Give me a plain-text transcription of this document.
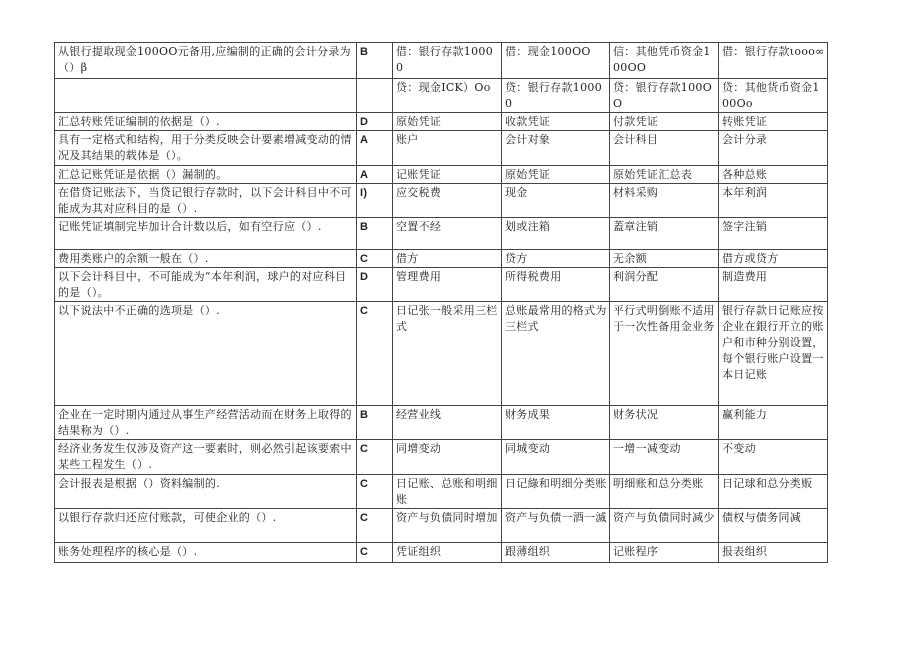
从银行提取现金100OO元备用,应编制的正确的会计分录为（）β	B	借：银行存款10000	借：现金100OO	信：其他凭币资金100OO	借：银行存款ιooo∞
		贷：现金ICK）Oo	贷：银行存款10000	贷：银行存款100OO	贷：其他货币资金100Oo
汇总转账凭证编制的依据是（）.	D	原始凭证	收款凭证	付款凭证	转账凭证
具有一定格式和结构，用于分类反映会计要素增减变动的情况及其结果的载体是（）。	A	账户	会计对象	会计科目	会计分录
汇总记账凭证是依据（）漏制的。	A	记账凭证	原始凭证	原始凭证汇总表	各种总账
在借贷记账法下，当贷记银行存款时，以下会计科目中不可能成为其对应科目的是（）.	I)	应交税费	现金	材料采购	本年利润
记账凭证填制完毕加计合计数以后，如有空行应（）.	B	空置不经	划或注箱	蓋章注销	签字注销
费用类账户的余额一般在（）.	C	借方	贷方	无余额	借方或贷方
以下会计科目中，不可能成为“本年利润，球户的对应科目的是（）。	D	管理费用	所得税费用	利润分配	制造费用
以下说法中不正确的选项是（）.	C	日记张一般采用三栏式	总账最常用的格式为三栏式	平行式明倒账不适用于一次性备用金业务	银行存款日记账应按企业在銀行开立的账户和市种分别设置，每个银行账户设置一本日记账
企业在一定时期内通过从事生产经营活动而在财务上取得的结果称为（）.	B	经营业线	财务成果	财务状况	赢利能力
经济业务发生仅涉及资产这一要素时，则必然引起该要索中某些工程发生（）.	C	同增变动	同城变动	一增一减变动	不变动
会计报表是根据（）资料编制的.	C	日记账、总账和明细账	日记綠和明细分类账	明细账和总分类账	日记球和总分类贩
以银行存款归还应付账款，可使企业的（）.	C	资产与负债同时增加	资产与负债一酒一滅	资产与负债同时减少	债权与债务同减
账务处理程序的核心是（）.	C	凭证组织	跟薄组织	记账程序	报表组织
